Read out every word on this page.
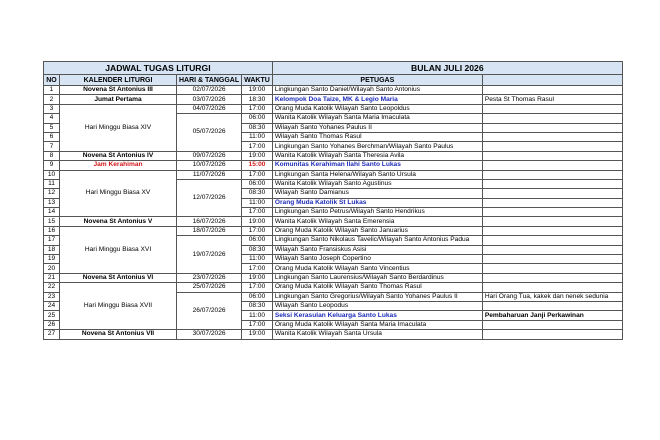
JADWAL TUGAS LITURGI				BULAN JULI 2026	
NO	KALENDER LITURGI	HARI & TANGGAL	WAKTU	PETUGAS	
1	Novena St Antonius III	02/07/2026	19:00	Lingkungan Santo Daniel/Wilayah Santo Antonius	
2	Jumat Pertama	03/07/2026	18:30	Kelompok Doa Taize, MK & Legio Maria	Pesta St Thomas Rasul
3	Hari Minggu Biasa XIV	04/07/2026	17:00	Orang Muda Katolik Wilayah Santo Leopoldus	
4		05/07/2026	06:00	Wanita Katolik Wilayah Santa Maria Imaculata	
5			08:30	Wilayah Santo Yohanes Paulus II	
6			11:00	Wilayah Santo Thomas Rasul	
7			17:00	Lingkungan Santo Yohanes Berchman/Wilayah Santo Paulus	
8	Novena St Antonius IV	09/07/2026	19:00	Wanita Katolik Wilayah Santa Theresia Avila	
9	Jam Kerahiman	10/07/2026	15:00	Komunitas Kerahiman Ilahi Santo Lukas	
10	Hari Minggu Biasa XV	11/07/2026	17:00	Lingkungan Santa Helena/Wilayah Santo Ursula	
11		12/07/2026	06:00	Wanita Katolik Wilayah Santo Agustinus	
12			08:30	Wilayah Santo Damianus	
13			11:00	Orang Muda Katolik St Lukas	
14			17:00	Lingkungan Santo Petrus/Wilayah Santo Hendrikus	
15	Novena St Antonius V	16/07/2026	19:00	Wanita Katolik Wilayah Santa Emerensia	
16	Hari Minggu Biasa XVI	18/07/2026	17:00	Orang Muda Katolik Wilayah Santo Januarius	
17		19/07/2026	06:00	Lingkungan Santo Nikolaus Tavelic/Wilayah Santo Antonius Padua	
18			08:30	Wilayah Santo Fransiskus Asisi	
19			11:00	Wilayah Santo Joseph Copertino	
20			17:00	Orang Muda Katolik Wilayah Santo Vincentius	
21	Novena St Antonius VI	23/07/2026	19:00	Lingkungan Santo Laurensius/Wilayah Santo Berdardinus	
22	Hari Minggu Biasa XVII	25/07/2026	17:00	Orang Muda Katolik Wilayah Santo Thomas Rasul	
23		26/07/2026	06:00	Lingkungan Santo Gregorius/Wilayah Santo Yohanes Paulus II	Hari Orang Tua, kakek dan nenek sedunia
24			08:30	Wilayah Santo Leopodus	
25			11:00	Seksi Kerasulan Keluarga Santo Lukas	Pembaharuan Janji Perkawinan
26			17:00	Orang Muda Katolik Wilayah Santa Maria Imaculata	
27	Novena St Antonius VII	30/07/2026	19:00	Wanita Katolik Wilayah Santa Ursula	
